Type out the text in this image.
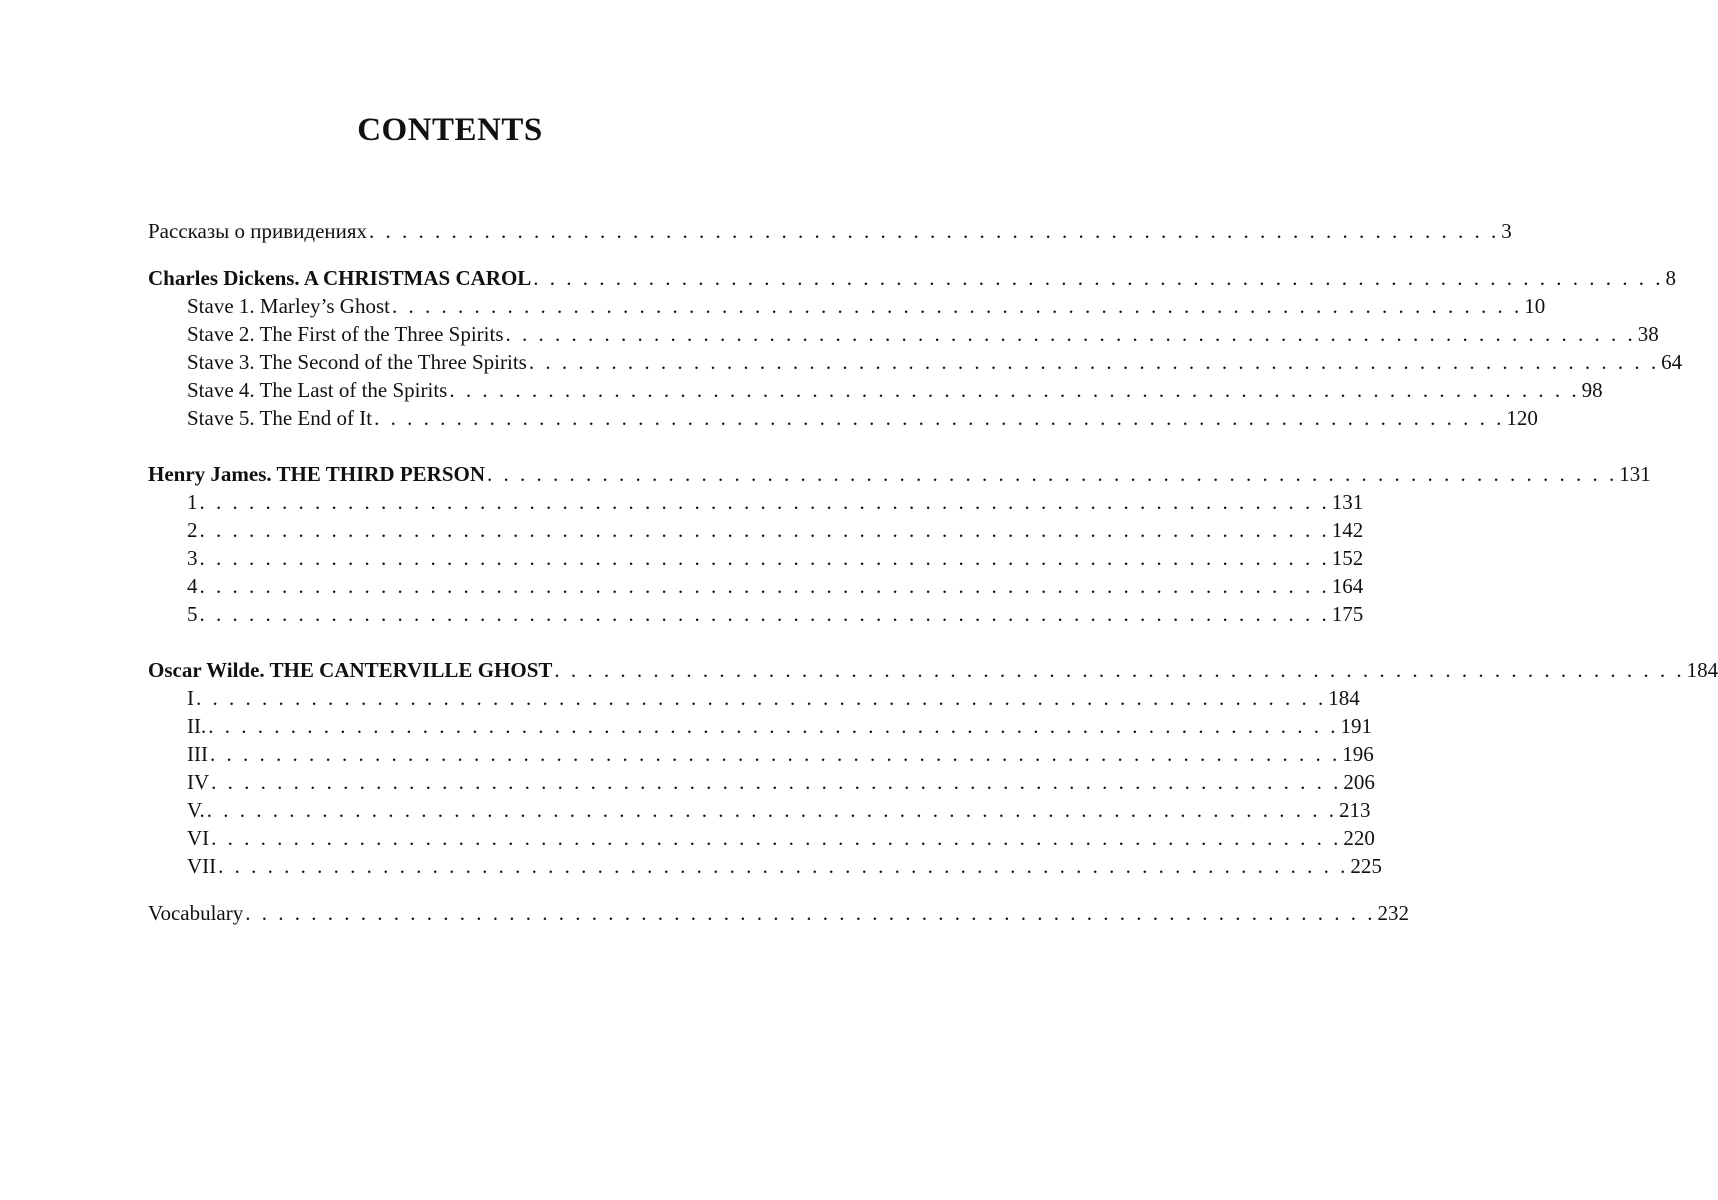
CONTENTS
Рассказы о привидениях . . . . . . . . . . . . . . . . . . . . . . . . . . . . . . . . . . . . . . . . . . . . . . . . . . . . . . . . . . . . . . . . . . . . . 3
Charles Dickens. A CHRISTMAS CAROL . . . . . . . . . . . . . . . . . . . . . . . . . . . . . . . . . . . . . . . . . . . . . . . . . . . . . . . . . . . . . . . . . . . . . 8
Stave 1. Marley’s Ghost . . . . . . . . . . . . . . . . . . . . . . . . . . . . . . . . . . . . . . . . . . . . . . . . . . . . . . . . . . . . . . . . . . . . . 10
Stave 2. The First of the Three Spirits . . . . . . . . . . . . . . . . . . . . . . . . . . . . . . . . . . . . . . . . . . . . . . . . . . . . . . . . . . . . . . . . . . . . . 38
Stave 3. The Second of the Three Spirits . . . . . . . . . . . . . . . . . . . . . . . . . . . . . . . . . . . . . . . . . . . . . . . . . . . . . . . . . . . . . . . . . . . . . 64
Stave 4. The Last of the Spirits . . . . . . . . . . . . . . . . . . . . . . . . . . . . . . . . . . . . . . . . . . . . . . . . . . . . . . . . . . . . . . . . . . . . . 98
Stave 5. The End of It . . . . . . . . . . . . . . . . . . . . . . . . . . . . . . . . . . . . . . . . . . . . . . . . . . . . . . . . . . . . . . . . . . . . . 120
Henry James. THE THIRD PERSON . . . . . . . . . . . . . . . . . . . . . . . . . . . . . . . . . . . . . . . . . . . . . . . . . . . . . . . . . . . . . . . . . . . . . 131
1 . . . . . . . . . . . . . . . . . . . . . . . . . . . . . . . . . . . . . . . . . . . . . . . . . . . . . . . . . . . . . . . . . . . . . 131
2 . . . . . . . . . . . . . . . . . . . . . . . . . . . . . . . . . . . . . . . . . . . . . . . . . . . . . . . . . . . . . . . . . . . . . 142
3 . . . . . . . . . . . . . . . . . . . . . . . . . . . . . . . . . . . . . . . . . . . . . . . . . . . . . . . . . . . . . . . . . . . . . 152
4 . . . . . . . . . . . . . . . . . . . . . . . . . . . . . . . . . . . . . . . . . . . . . . . . . . . . . . . . . . . . . . . . . . . . . 164
5 . . . . . . . . . . . . . . . . . . . . . . . . . . . . . . . . . . . . . . . . . . . . . . . . . . . . . . . . . . . . . . . . . . . . . 175
Oscar Wilde. THE CANTERVILLE GHOST . . . . . . . . . . . . . . . . . . . . . . . . . . . . . . . . . . . . . . . . . . . . . . . . . . . . . . . . . . . . . . . . . . . . . 184
I . . . . . . . . . . . . . . . . . . . . . . . . . . . . . . . . . . . . . . . . . . . . . . . . . . . . . . . . . . . . . . . . . . . . . 184
II. . . . . . . . . . . . . . . . . . . . . . . . . . . . . . . . . . . . . . . . . . . . . . . . . . . . . . . . . . . . . . . . . . . . . . 191
III . . . . . . . . . . . . . . . . . . . . . . . . . . . . . . . . . . . . . . . . . . . . . . . . . . . . . . . . . . . . . . . . . . . . . 196
IV . . . . . . . . . . . . . . . . . . . . . . . . . . . . . . . . . . . . . . . . . . . . . . . . . . . . . . . . . . . . . . . . . . . . . 206
V. . . . . . . . . . . . . . . . . . . . . . . . . . . . . . . . . . . . . . . . . . . . . . . . . . . . . . . . . . . . . . . . . . . . . . 213
VI . . . . . . . . . . . . . . . . . . . . . . . . . . . . . . . . . . . . . . . . . . . . . . . . . . . . . . . . . . . . . . . . . . . . . 220
VII . . . . . . . . . . . . . . . . . . . . . . . . . . . . . . . . . . . . . . . . . . . . . . . . . . . . . . . . . . . . . . . . . . . . . 225
Vocabulary . . . . . . . . . . . . . . . . . . . . . . . . . . . . . . . . . . . . . . . . . . . . . . . . . . . . . . . . . . . . . . . . . . . . . 232
